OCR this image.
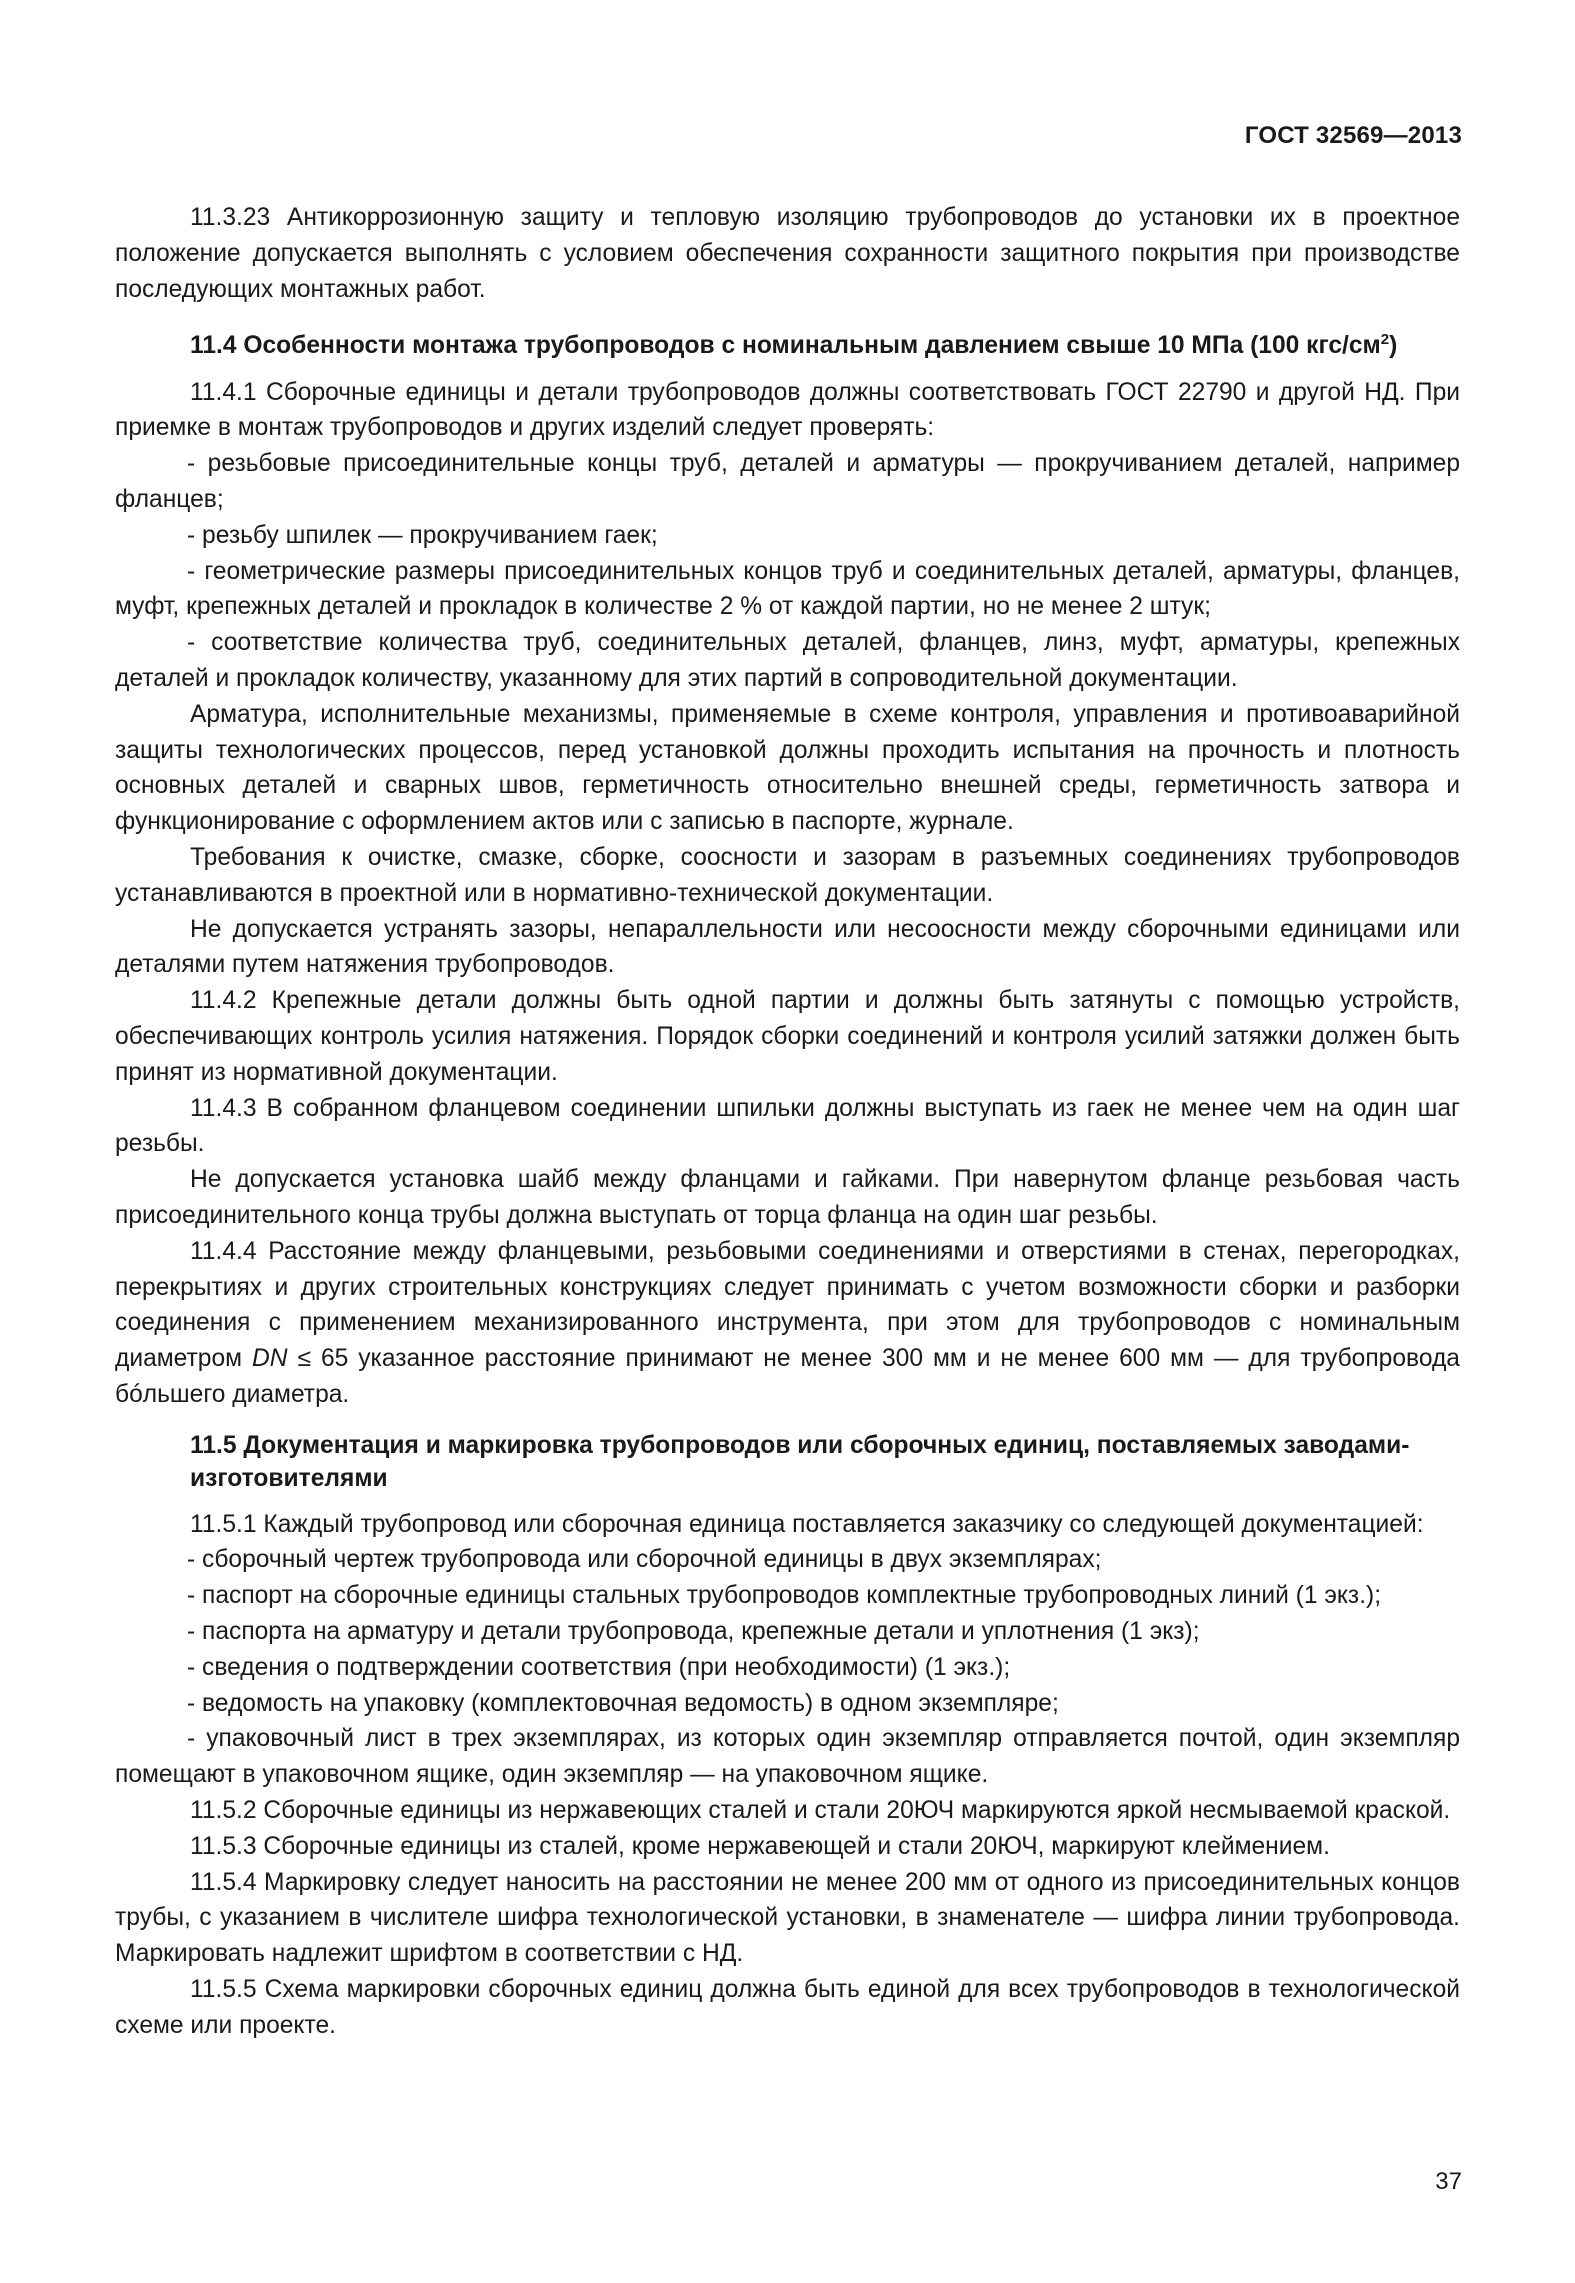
ГОСТ 32569—2013

11.3.23 Антикоррозионную защиту и тепловую изоляцию трубопроводов до установки их в проектное положение допускается выполнять с условием обеспечения сохранности защитного покрытия при производстве последующих монтажных работ.

11.4 Особенности монтажа трубопроводов с номинальным давлением свыше 10 МПа (100 кгс/$см^2$)

11.4.1 Сборочные единицы и детали трубопроводов должны соответствовать ГОСТ 22790 и другой НД. При приемке в монтаж трубопроводов и других изделий следует проверять:

- резьбовые присоединительные концы труб, деталей и арматуры — прокручиванием деталей, например фланцев;

- резьбу шпилек — прокручиванием гаек;

- геометрические размеры присоединительных концов труб и соединительных деталей, арматуры, фланцев, муфт, крепежных деталей и прокладок в количестве 2 % от каждой партии, но не менее 2 штук;

- соответствие количества труб, соединительных деталей, фланцев, линз, муфт, арматуры, крепежных деталей и прокладок количеству, указанному для этих партий в сопроводительной документации.

Арматура, исполнительные механизмы, применяемые в схеме контроля, управления и противоаварийной защиты технологических процессов, перед установкой должны проходить испытания на прочность и плотность основных деталей и сварных швов, герметичность относительно внешней среды, герметичность затвора и функционирование с оформлением актов или с записью в паспорте, журнале.

Требования к очистке, смазке, сборке, соосности и зазорам в разъемных соединениях трубопроводов устанавливаются в проектной или в нормативно-технической документации.

Не допускается устранять зазоры, непараллельности или несоосности между сборочными единицами или деталями путем натяжения трубопроводов.

11.4.2 Крепежные детали должны быть одной партии и должны быть затянуты с помощью устройств, обеспечивающих контроль усилия натяжения. Порядок сборки соединений и контроля усилий затяжки должен быть принят из нормативной документации.

11.4.3 В собранном фланцевом соединении шпильки должны выступать из гаек не менее чем на один шаг резьбы.

Не допускается установка шайб между фланцами и гайками. При навернутом фланце резьбовая часть присоединительного конца трубы должна выступать от торца фланца на один шаг резьбы.

11.4.4 Расстояние между фланцевыми, резьбовыми соединениями и отверстиями в стенах, перегородках, перекрытиях и других строительных конструкциях следует принимать с учетом возможности сборки и разборки соединения с применением механизированного инструмента, при этом для трубопроводов с номинальным диаметром DN ≤ 65 указанное расстояние принимают не менее 300 мм и не менее 600 мм — для трубопровода бóльшего диаметра.

11.5 Документация и маркировка трубопроводов или сборочных единиц, поставляемых заводами-изготовителями

11.5.1 Каждый трубопровод или сборочная единица поставляется заказчику со следующей документацией:

- сборочный чертеж трубопровода или сборочной единицы в двух экземплярах;

- паспорт на сборочные единицы стальных трубопроводов комплектные трубопроводных линий (1 экз.);

- паспорта на арматуру и детали трубопровода, крепежные детали и уплотнения (1 экз);

- сведения о подтверждении соответствия (при необходимости) (1 экз.);

- ведомость на упаковку (комплектовочная ведомость) в одном экземпляре;

- упаковочный лист в трех экземплярах, из которых один экземпляр отправляется почтой, один экземпляр помещают в упаковочном ящике, один экземпляр — на упаковочном ящике.

11.5.2 Сборочные единицы из нержавеющих сталей и стали 20ЮЧ маркируются яркой несмываемой краской.

11.5.3 Сборочные единицы из сталей, кроме нержавеющей и стали 20ЮЧ, маркируют клеймением.

11.5.4 Маркировку следует наносить на расстоянии не менее 200 мм от одного из присоединительных концов трубы, с указанием в числителе шифра технологической установки, в знаменателе — шифра линии трубопровода. Маркировать надлежит шрифтом в соответствии с НД.

11.5.5 Схема маркировки сборочных единиц должна быть единой для всех трубопроводов в технологической схеме или проекте.

37
